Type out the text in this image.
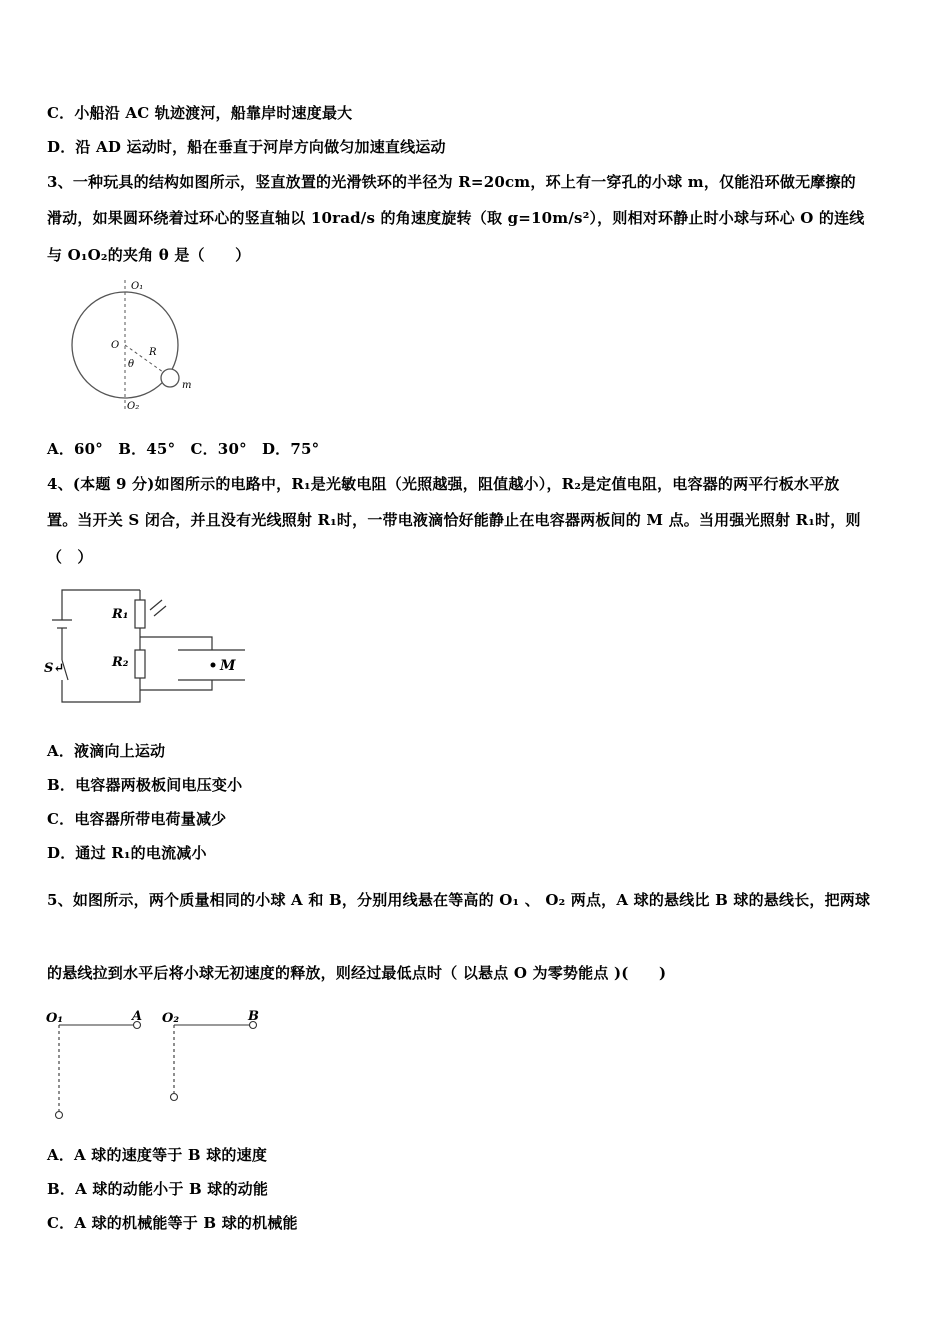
C．小船沿 AC 轨迹渡河，船靠岸时速度最大
D．沿 AD 运动时，船在垂直于河岸方向做匀加速直线运动
3、一种玩具的结构如图所示，竖直放置的光滑铁环的半径为 R=20cm，环上有一穿孔的小球 m，仅能沿环做无摩擦的
滑动，如果圆环绕着过环心的竖直轴以 10rad/s 的角速度旋转（取 g=10m/s²），则相对环静止时小球与环心 O 的连线
与 O₁O₂的夹角 θ 是（　　）
O₁
O₂
O
R
θ
m
A．60°　B．45°　C．30°　D．75°
4、(本题 9 分)如图所示的电路中，R₁是光敏电阻（光照越强，阻值越小），R₂是定值电阻，电容器的两平行板水平放
置。当开关 S 闭合，并且没有光线照射 R₁时，一带电液滴恰好能静止在电容器两板间的 M 点。当用强光照射 R₁时，则
（　）
R₁
R₂
S↵	M
A．液滴向上运动
B．电容器两极板间电压变小
C．电容器所带电荷量减少
D．通过 R₁的电流减小
5、如图所示，两个质量相同的小球 A 和 B，分别用线悬在等高的 O₁ 、 O₂ 两点，A 球的悬线比 B 球的悬线长，把两球
的悬线拉到水平后将小球无初速度的释放，则经过最低点时（ 以悬点 O 为零势能点 )(　　)
O₁	A O₂	B
A．A 球的速度等于 B 球的速度
B．A 球的动能小于 B 球的动能
C．A 球的机械能等于 B 球的机械能
